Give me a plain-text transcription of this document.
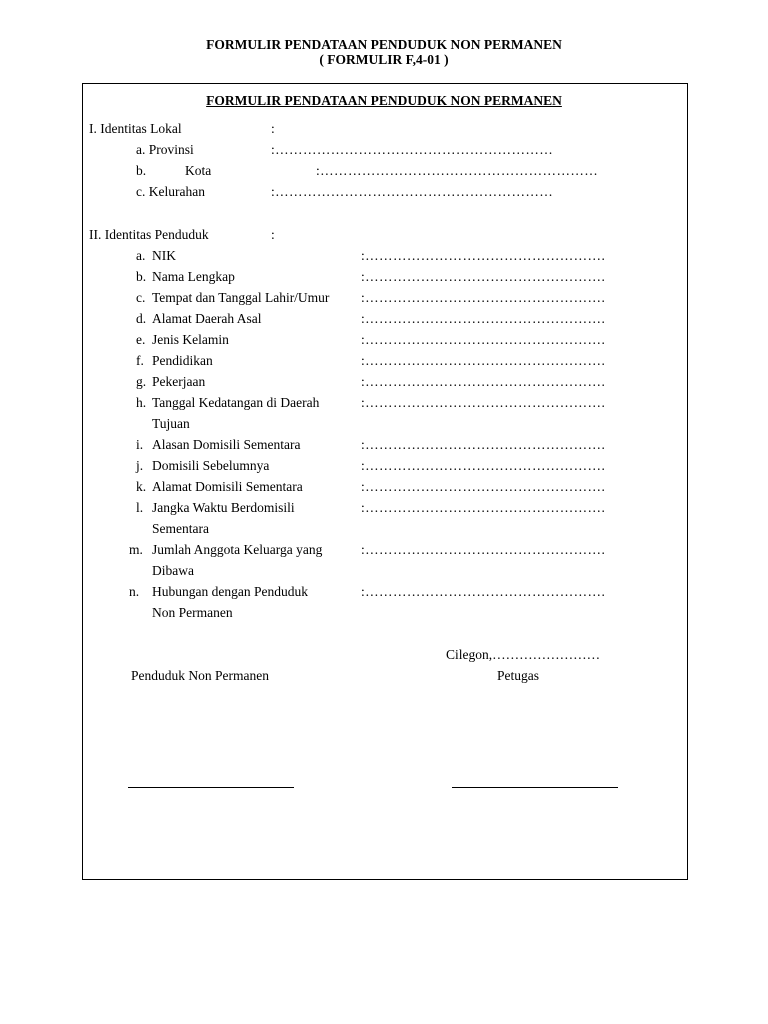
FORMULIR PENDATAAN PENDUDUK NON PERMANEN
( FORMULIR F,4-01 )
FORMULIR PENDATAAN PENDUDUK NON PERMANEN
I. Identitas Lokal	:
a. Provinsi	:……………………………………………………
b.	Kota	:……………………………………………………
c. Kelurahan	:……………………………………………………
II. Identitas Penduduk	:
a. NIK	:…………………………………………….
b. Nama Lengkap	:…………………………………………….
c. Tempat dan Tanggal Lahir/Umur :…………………………………………….
d. Alamat Daerah Asal	:…………………………………………….
e. Jenis Kelamin	:…………………………………………….
f. Pendidikan	:…………………………………………….
g. Pekerjaan	:…………………………………………….
h. Tanggal Kedatangan di Daerah
Tujuan
:…………………………………………….
i. Alasan Domisili Sementara	:…………………………………………….
j. Domisili Sebelumnya	:…………………………………………….
k. Alamat Domisili Sementara	:…………………………………………….
l. Jangka Waktu Berdomisili
Sementara
:…………………………………………….
m. Jumlah Anggota Keluarga yang
Dibawa
:…………………………………………….
n. Hubungan dengan Penduduk
Non Permanen
:…………………………………………….
Cilegon,……………………
Penduduk Non Permanen	Petugas
